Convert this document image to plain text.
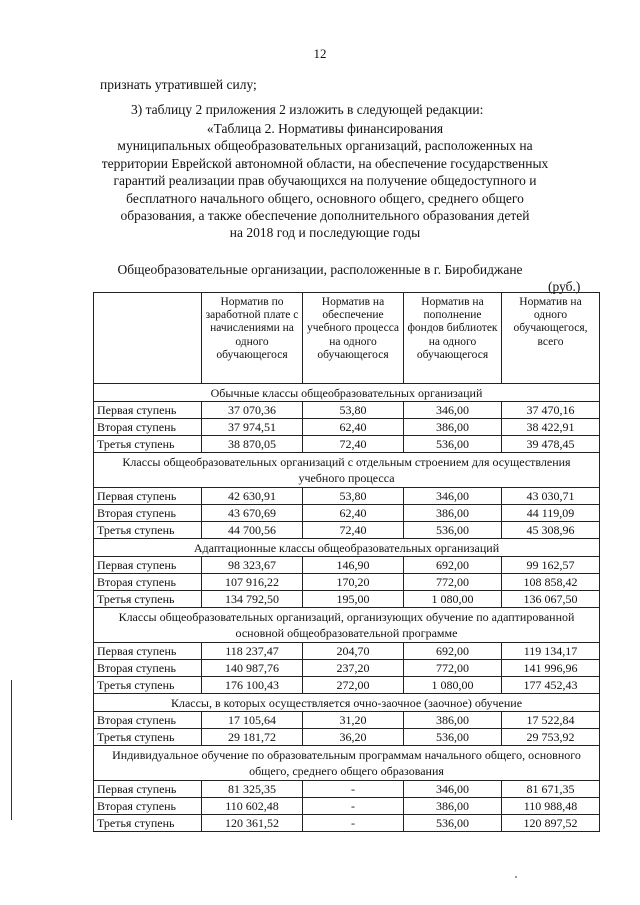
12
признать утратившей силу;
3) таблицу 2 приложения 2 изложить в следующей редакции:
«Таблица 2. Нормативы финансирования
муниципальных общеобразовательных организаций, расположенных на
территории Еврейской автономной области, на обеспечение государственных
гарантий реализации прав обучающихся на получение общедоступного и
бесплатного начального общего, основного общего, среднего общего
образования, а также обеспечение дополнительного образования детей
на 2018 год и последующие годы
Общеобразовательные организации, расположенные в г. Биробиджане
(руб.)
	Норматив по заработной плате с начислениями на одного обучающегося	Норматив на обеспечение учебного процесса на одного обучающегося	Норматив на пополнение фондов библиотек на одного обучающегося	Норматив на одного обучающегося, всего
Обычные классы общеобразовательных организаций				
Первая ступень	37 070,36	53,80	346,00	37 470,16
Вторая ступень	37 974,51	62,40	386,00	38 422,91
Третья ступень	38 870,05	72,40	536,00	39 478,45
Классы общеобразовательных организаций с отдельным строением для осуществления учебного процесса				
Первая ступень	42 630,91	53,80	346,00	43 030,71
Вторая ступень	43 670,69	62,40	386,00	44 119,09
Третья ступень	44 700,56	72,40	536,00	45 308,96
Адаптационные классы общеобразовательных организаций				
Первая ступень	98 323,67	146,90	692,00	99 162,57
Вторая ступень	107 916,22	170,20	772,00	108 858,42
Третья ступень	134 792,50	195,00	1 080,00	136 067,50
Классы общеобразовательных организаций, организующих обучение по адаптированной основной общеобразовательной программе				
Первая ступень	118 237,47	204,70	692,00	119 134,17
Вторая ступень	140 987,76	237,20	772,00	141 996,96
Третья ступень	176 100,43	272,00	1 080,00	177 452,43
Классы, в которых осуществляется очно-заочное (заочное) обучение				
Вторая ступень	17 105,64	31,20	386,00	17 522,84
Третья ступень	29 181,72	36,20	536,00	29 753,92
Индивидуальное обучение по образовательным программам начального общего, основного общего, среднего общего образования				
Первая ступень	81 325,35	-	346,00	81 671,35
Вторая ступень	110 602,48	-	386,00	110 988,48
Третья ступень	120 361,52	-	536,00	120 897,52
